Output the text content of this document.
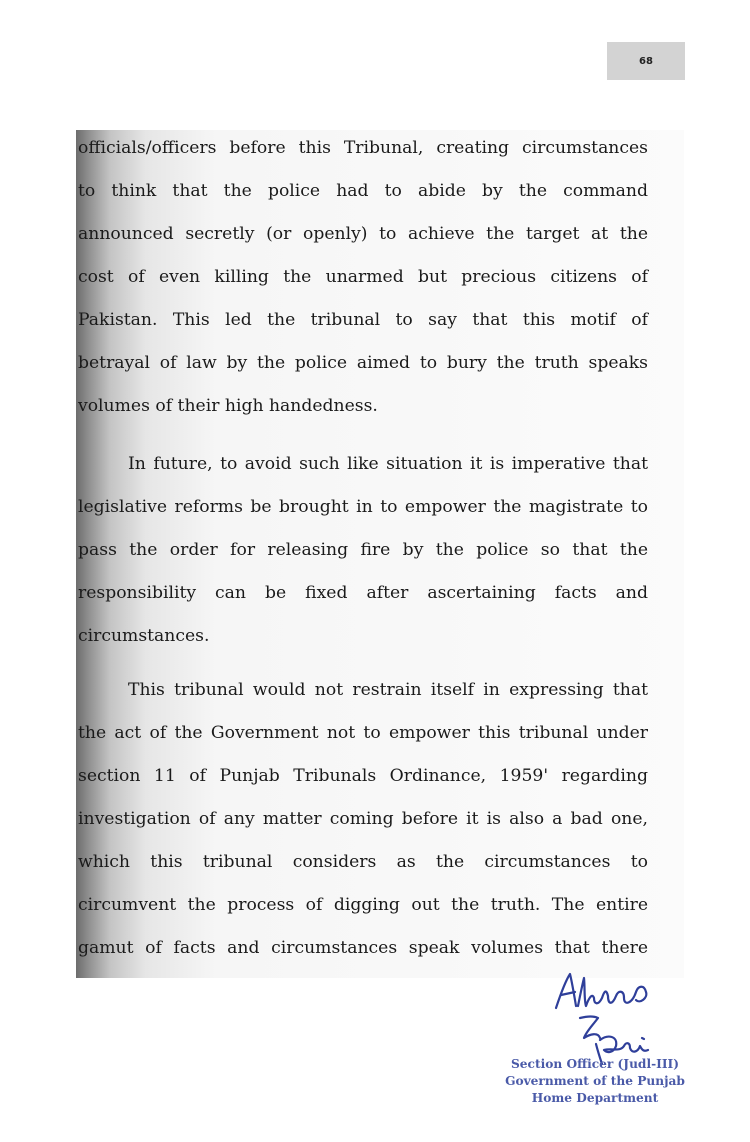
68
officials/officers before this Tribunal, creating circumstances
to think that the police had to abide by the command
announced secretly (or openly) to achieve the target at the
cost of even killing the unarmed but precious citizens of
Pakistan. This led the tribunal to say that this motif of
betrayal of law by the police aimed to bury the truth speaks
volumes of their high handedness.
In future, to avoid such like situation it is imperative that
legislative reforms be brought in to empower the magistrate to
pass the order for releasing fire by the police so that the
responsibility can be fixed after ascertaining facts and
circumstances.
This tribunal would not restrain itself in expressing that
the act of the Government not to empower this tribunal under
section 11 of Punjab Tribunals Ordinance, 1959' regarding
investigation of any matter coming before it is also a bad one,
which this tribunal considers as the circumstances to
circumvent the process of digging out the truth. The entire
gamut of facts and circumstances speak volumes that there
Section Officer (Judl-III)
Government of the Punjab
Home Department
